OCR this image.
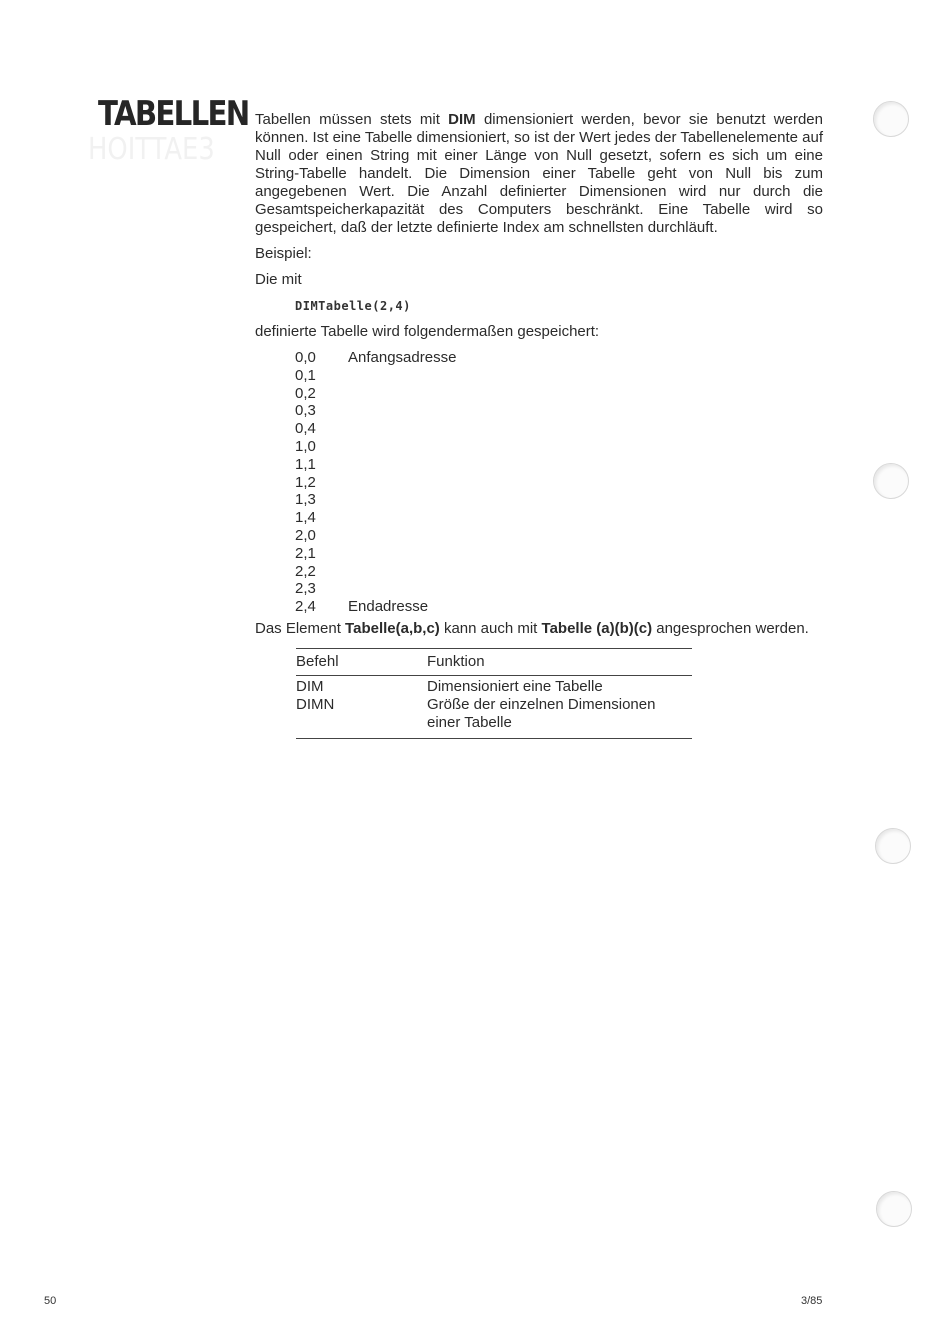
TABELLEN
HOITTAE3

Tabellen müssen stets mit DIM dimensioniert werden, bevor sie benutzt werden können. Ist eine Tabelle dimensioniert, so ist der Wert jedes der Tabellenelemente auf Null oder einen String mit einer Länge von Null gesetzt, sofern es sich um eine String-Tabelle handelt. Die Dimension einer Tabelle geht von Null bis zum angegebenen Wert. Die Anzahl definierter Dimensionen wird nur durch die Gesamtspeicherkapazität des Computers beschränkt. Eine Tabelle wird so gespeichert, daß der letzte definierte Index am schnellsten durchläuft.

Beispiel:

Die mit

DIMTabelle(2,4)

definierte Tabelle wird folgendermaßen gespeichert:

0,0	Anfangsadresse
0,1
0,2
0,3
0,4
1,0
1,1
1,2
1,3
1,4
2,0
2,1
2,2
2,3
2,4	Endadresse

Das Element Tabelle(a,b,c) kann auch mit Tabelle (a)(b)(c) angesprochen werden.

Befehl	Funktion
DIM	Dimensioniert eine Tabelle
DIMN	Größe der einzelnen Dimensionen einer Tabelle
50	3/85
